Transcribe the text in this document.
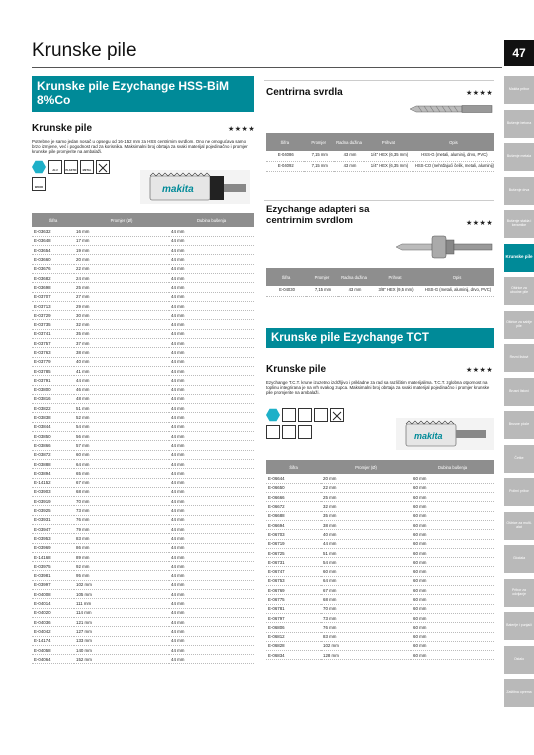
Krunske pile	47
Makita pribor
Bušenje betona
Bušenje metala
Bušenje drva
Bušenje stakla i keramike
Krunske pile
Oštrice za ubodne pile
Oštrice za sablje pile
Rezni listovi
Brusni listovi
Brusne ploče
Četke
Polirni pribor
Oštrice za multi-alat
Glodala
Pribor za odvijanje
Baterije i punjači
Ostalo
Zaštitna oprema
Krunske pile Ezychange HSS-BiM 8%Co
Krunske pile	★★★★
Potrebne je samo jedan nosač u opsegu od 16-152 mm za HSS centrirnim svrdlom. Ono ne omogućava samo brzo izmjene, već i pogodnost rad za korisnika. Maksimalni broj obrtaja za svaki materijal pojedinačno i promjer krunske pile promjerite na ambalaži.
ALU	PLASTIC	METAL
WOOD	makita
Šifra	Promjer (Ø)	Dubina bušenja
E-03632	16 mm	44 mm
E-03648	17 mm	44 mm
E-03654	19 mm	44 mm
E-03660	20 mm	44 mm
E-03676	22 mm	44 mm
E-03682	24 mm	44 mm
E-03698	25 mm	44 mm
E-03707	27 mm	44 mm
E-03713	29 mm	44 mm
E-03729	30 mm	44 mm
E-03735	32 mm	44 mm
E-03741	35 mm	44 mm
E-03757	37 mm	44 mm
E-03763	38 mm	44 mm
E-03779	40 mm	44 mm
E-03785	41 mm	44 mm
E-03791	44 mm	44 mm
E-03800	46 mm	44 mm
E-03816	48 mm	44 mm
E-03822	51 mm	44 mm
E-03838	52 mm	44 mm
E-03844	54 mm	44 mm
E-03850	56 mm	44 mm
E-03866	57 mm	44 mm
E-03872	60 mm	44 mm
E-03888	64 mm	44 mm
E-03894	65 mm	44 mm
E-14152	67 mm	44 mm
E-03903	68 mm	44 mm
E-03919	70 mm	44 mm
E-03925	73 mm	44 mm
E-03931	76 mm	44 mm
E-03947	79 mm	44 mm
E-03953	83 mm	44 mm
E-03969	86 mm	44 mm
E-14168	89 mm	44 mm
E-03975	92 mm	44 mm
E-03981	95 mm	44 mm
E-03997	102 mm	44 mm
E-04008	105 mm	44 mm
E-04014	111 mm	44 mm
E-04020	114 mm	44 mm
E-04036	121 mm	44 mm
E-04042	127 mm	44 mm
E-14174	133 mm	44 mm
E-04058	140 mm	44 mm
E-04064	152 mm	44 mm
Centrirna svrdla	★★★★
Šifra	Promjer	Radna dužina	Prihvat	Opis
E-04086	7,15 mm	43 mm	1/4" HEX (6,35 mm)	HSS-G (metali, aluminij, drvo, PVC)
E-04092	7,15 mm	43 mm	1/4" HEX (6,35 mm)	HSS-CO (nehrđajući čelik, metali, aluminij)
Ezychange adapteri sa centrirnim svrdlom	★★★★
Šifra	Promjer	Radna dužina	Prihvat	Opis
E-04030	7,15 mm	43 mm	3/8" HEX (9,5 mm)	HSS-G (metali, aluminij, drvo, PVC)
Krunske pile Ezychange TCT
Krunske pile	★★★★
Ezychange T.C.T. krune izuzetno izdržljivo i prikladne za rad sa različitim materijalima. T.C.T. zglobna otpornost na toplinu integrirana je na vrh svakog zupca. Maksimalni broj obrtaja za svaki materijal pojedinačno i promjer krunske pile promjerite na ambalaži.
makita
Šifra	Promjer (Ø)	Dubina bušenja
E-06644	20 mm	60 mm
E-06650	22 mm	60 mm
E-06666	25 mm	60 mm
E-06672	32 mm	60 mm
E-06688	35 mm	60 mm
E-06694	38 mm	60 mm
E-06703	40 mm	60 mm
E-06719	44 mm	60 mm
E-06725	51 mm	60 mm
E-06731	54 mm	60 mm
E-06747	60 mm	60 mm
E-06753	64 mm	60 mm
E-06769	67 mm	60 mm
E-06775	68 mm	60 mm
E-06781	70 mm	60 mm
E-06797	73 mm	60 mm
E-06806	76 mm	60 mm
E-06812	83 mm	60 mm
E-06828	102 mm	60 mm
E-06834	128 mm	60 mm
